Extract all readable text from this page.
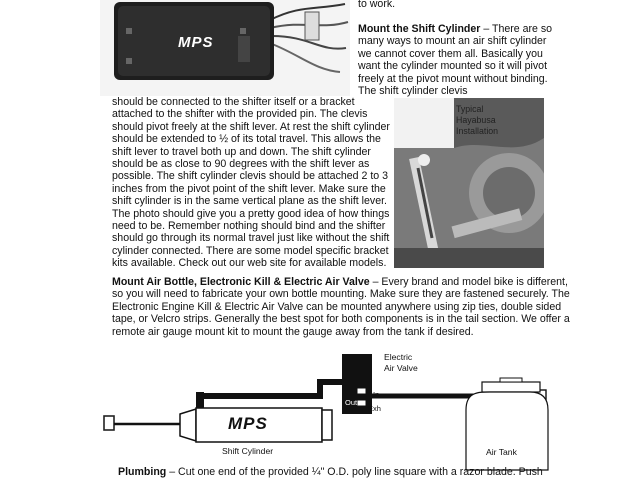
MPS
to work.
Mount the Shift Cylinder – There are so many ways to mount an air shift cylinder we cannot cover them all. Basically you want the cylinder mounted so it will pivot freely at the pivot mount without binding. The shift cylinder clevis
Typical
Hayabusa
Installation
should be connected to the shifter itself or a bracket attached to the shifter with the provided pin. The clevis should pivot freely at the shift lever. At rest the shift cylinder should be extended to ½ of its total travel. This allows the shift lever to travel both up and down. The shift cylinder should be as close to 90 degrees with the shift lever as possible. The shift cylinder clevis should be attached 2 to 3 inches from the pivot point of the shift lever. Make sure the shift cylinder is in the same vertical plane as the shift lever. The photo should give you a pretty good idea of how things need to be. Remember nothing should bind and the shifter should go through its normal travel just like without the shift cylinder connected. There are some model specific bracket kits available. Check out our web site for available models.
Mount Air Bottle, Electronic Kill & Electric Air Valve – Every brand and model bike is different, so you will need to fabricate your own bottle mounting. Make sure they are fastened securely. The Electronic Engine Kill & Electric Air Valve can be mounted anywhere using zip ties, double sided tape, or Velcro strips. Generally the best spot for both components is in the tail section. We offer a remote air gauge mount kit to mount the gauge away from the tank if desired.
MPS
Shift Cylinder
Electric
Air Valve
Out
In
Exh
Air Tank
Plumbing – Cut one end of the provided ¼" O.D. poly line square with a razor blade. Push
